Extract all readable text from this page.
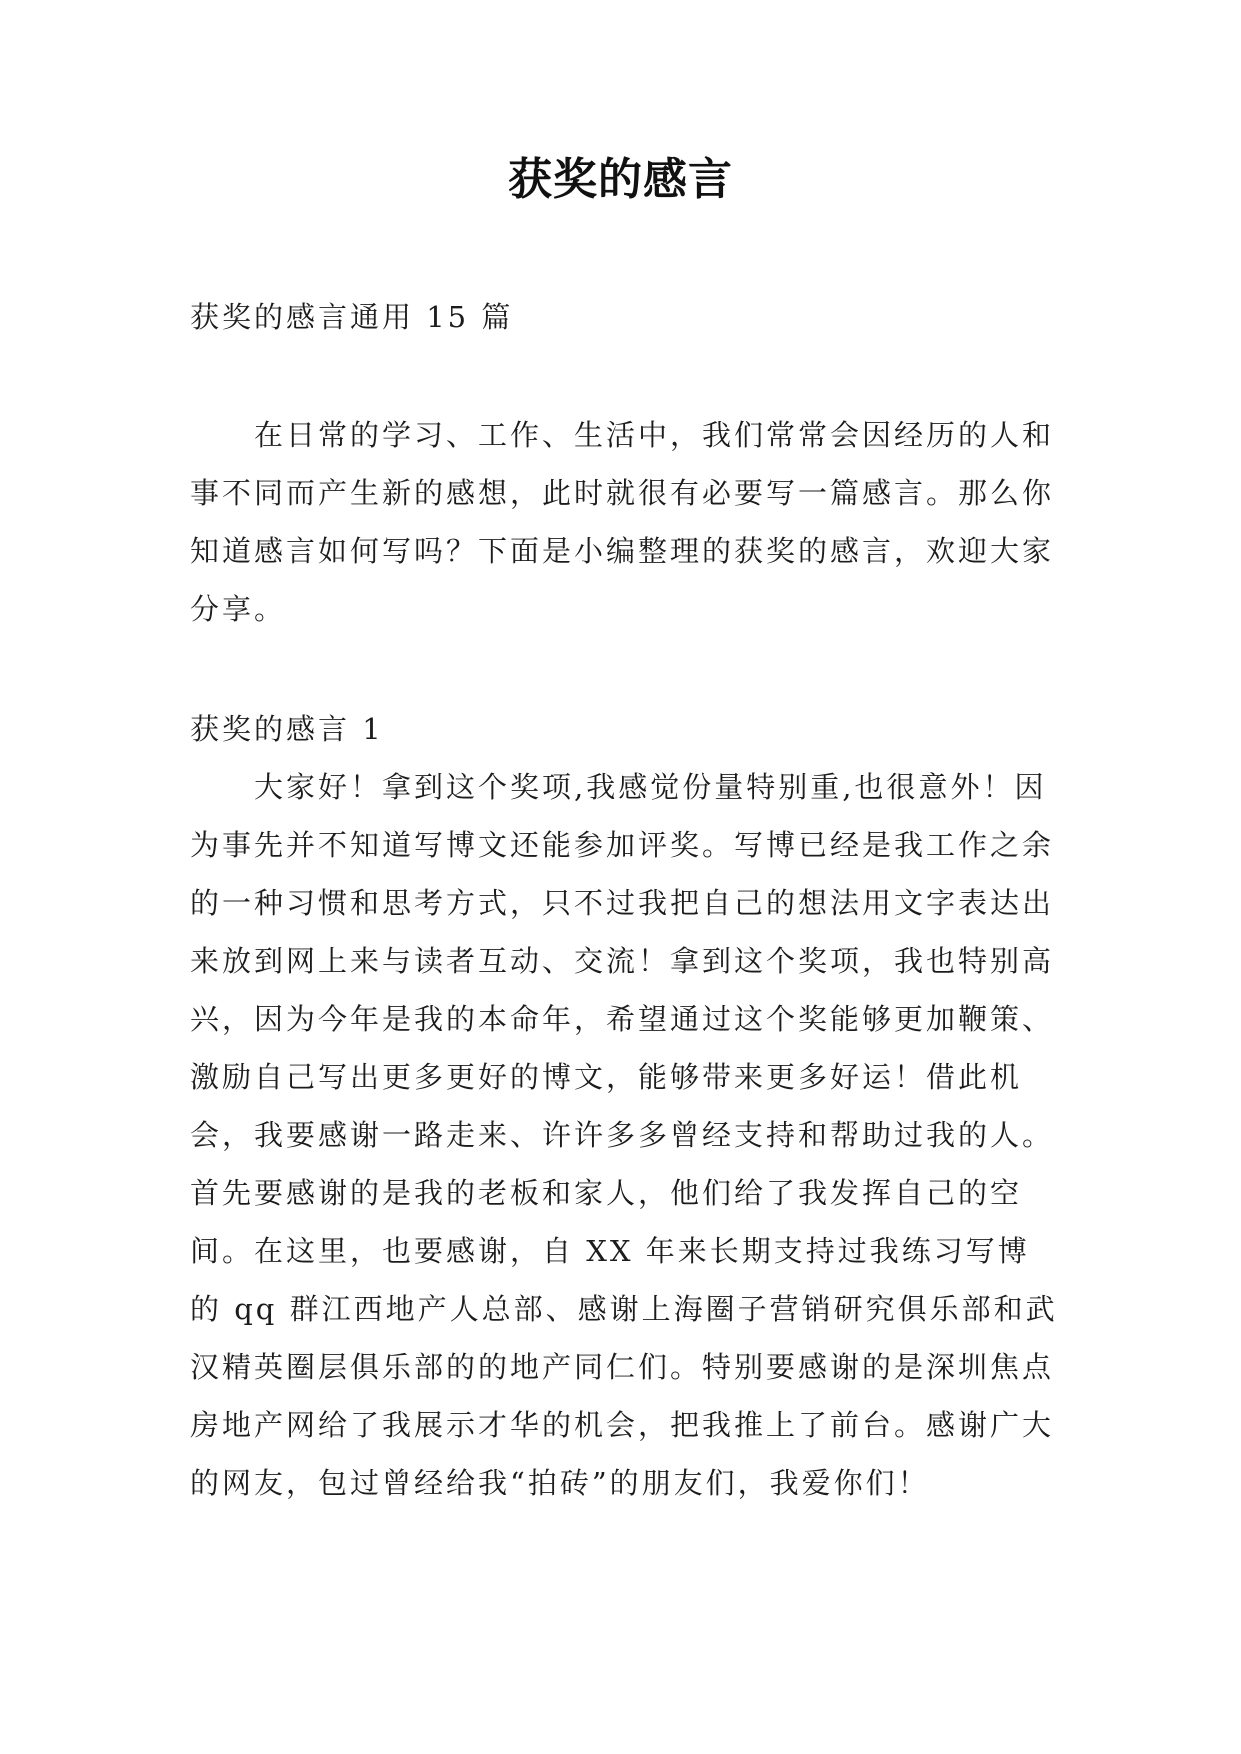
获奖的感言

获奖的感言通用 15 篇

在日常的学习、工作、生活中，我们常常会因经历的人和事不同而产生新的感想，此时就很有必要写一篇感言。那么你知道感言如何写吗？下面是小编整理的获奖的感言，欢迎大家分享。

获奖的感言 1

大家好！拿到这个奖项,我感觉份量特别重,也很意外！因为事先并不知道写博文还能参加评奖。写博已经是我工作之余的一种习惯和思考方式，只不过我把自己的想法用文字表达出来放到网上来与读者互动、交流！拿到这个奖项，我也特别高兴，因为今年是我的本命年，希望通过这个奖能够更加鞭策、激励自己写出更多更好的博文，能够带来更多好运！借此机会，我要感谢一路走来、许许多多曾经支持和帮助过我的人。首先要感谢的是我的老板和家人，他们给了我发挥自己的空间。在这里，也要感谢，自 XX 年来长期支持过我练习写博的 qq 群江西地产人总部、感谢上海圈子营销研究俱乐部和武汉精英圈层俱乐部的的地产同仁们。特别要感谢的是深圳焦点房地产网给了我展示才华的机会，把我推上了前台。感谢广大的网友，包过曾经给我“拍砖”的朋友们，我爱你们！
